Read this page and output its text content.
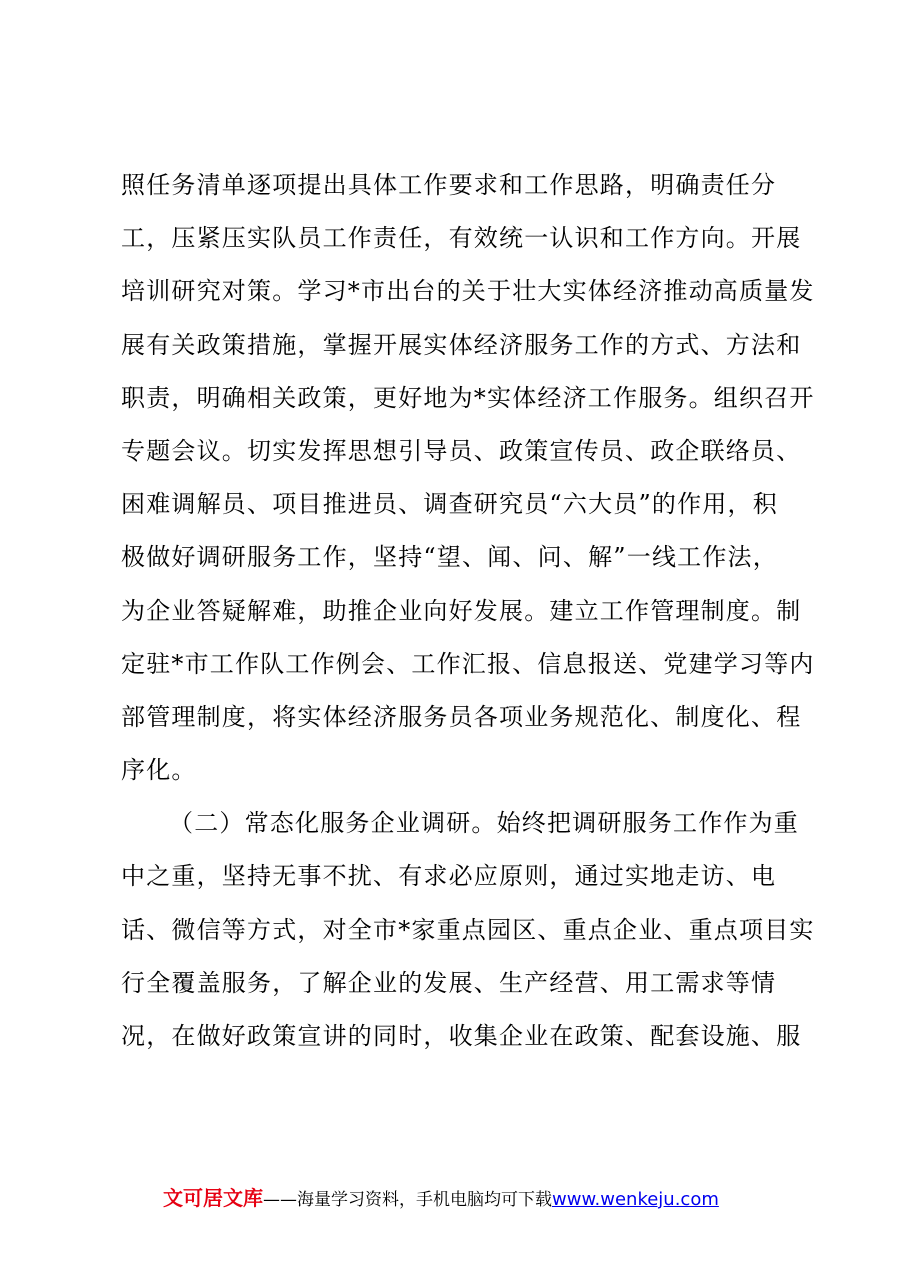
照任务清单逐项提出具体工作要求和工作思路，明确责任分
工，压紧压实队员工作责任，有效统一认识和工作方向。开展
培训研究对策。学习*市出台的关于壮大实体经济推动高质量发
展有关政策措施，掌握开展实体经济服务工作的方式、方法和
职责，明确相关政策，更好地为*实体经济工作服务。组织召开
专题会议。切实发挥思想引导员、政策宣传员、政企联络员、
困难调解员、项目推进员、调查研究员“六大员”的作用，积
极做好调研服务工作，坚持“望、闻、问、解”一线工作法，
为企业答疑解难，助推企业向好发展。建立工作管理制度。制
定驻*市工作队工作例会、工作汇报、信息报送、党建学习等内
部管理制度，将实体经济服务员各项业务规范化、制度化、程
序化。
（二）常态化服务企业调研。始终把调研服务工作作为重
中之重，坚持无事不扰、有求必应原则，通过实地走访、电
话、微信等方式，对全市*家重点园区、重点企业、重点项目实
行全覆盖服务，了解企业的发展、生产经营、用工需求等情
况，在做好政策宣讲的同时，收集企业在政策、配套设施、服
文可居文库——海量学习资料，手机电脑均可下载www.wenkeju.com
